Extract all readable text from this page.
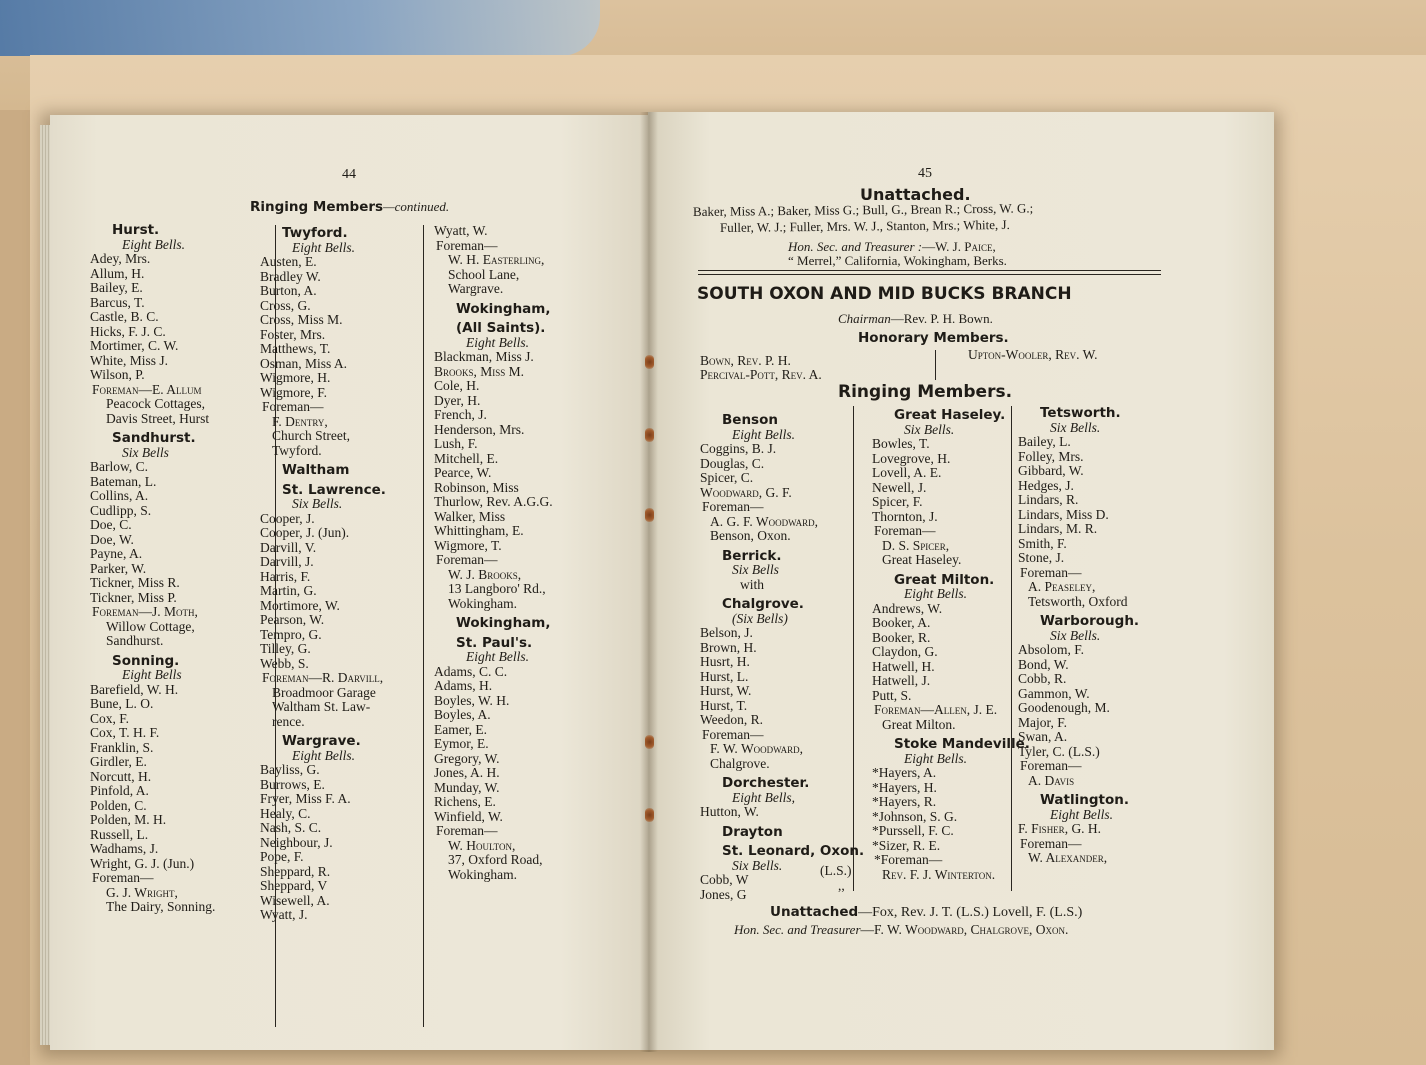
44
Ringing Members—continued.
Hurst.
Eight Bells.
Adey, Mrs.
Allum, H.
Bailey, E.
Barcus, T.
Castle, B. C.
Hicks, F. J. C.
Mortimer, C. W.
White, Miss J.
Wilson, P.
Foreman—E. Allum
Peacock Cottages,
Davis Street, Hurst
Sandhurst.
Six Bells
Barlow, C.
Bateman, L.
Collins, A.
Cudlipp, S.
Doe, C.
Doe, W.
Payne, A.
Parker, W.
Tickner, Miss R.
Tickner, Miss P.
Foreman—J. Moth,
Willow Cottage,
Sandhurst.
Sonning.
Eight Bells
Barefield, W. H.
Bune, L. O.
Cox, F.
Cox, T. H. F.
Franklin, S.
Girdler, E.
Norcutt, H.
Pinfold, A.
Polden, C.
Polden, M. H.
Russell, L.
Wadhams, J.
Wright, G. J. (Jun.)
Foreman—
G. J. Wright,
The Dairy, Sonning.
Twyford.
Eight Bells.
Austen, E.
Bradley W.
Burton, A.
Cross, G.
Cross, Miss M.
Foster, Mrs.
Matthews, T.
Osman, Miss A.
Wigmore, H.
Wigmore, F.
Foreman—
F. Dentry,
Church Street,
Twyford.
Waltham
St. Lawrence.
Six Bells.
Cooper, J.
Cooper, J. (Jun).
Darvill, V.
Darvill, J.
Harris, F.
Martin, G.
Mortimore, W.
Pearson, W.
Tempro, G.
Tilley, G.
Webb, S.
Foreman—R. Darvill,
Broadmoor Garage
Waltham St. Law-
rence.
Wargrave.
Eight Bells.
Bayliss, G.
Burrows, E.
Fryer, Miss F. A.
Healy, C.
Nash, S. C.
Neighbour, J.
Pope, F.
Sheppard, R.
Sheppard, V
Wisewell, A.
Wyatt, J.
Wyatt, W.
Foreman—
W. H. Easterling,
School Lane,
Wargrave.
Wokingham,
(All Saints).
Eight Bells.
Blackman, Miss J.
Brooks, Miss M.
Cole, H.
Dyer, H.
French, J.
Henderson, Mrs.
Lush, F.
Mitchell, E.
Pearce, W.
Robinson, Miss
Thurlow, Rev. A.G.G.
Walker, Miss
Whittingham, E.
Wigmore, T.
Foreman—
W. J. Brooks,
13 Langboro' Rd.,
Wokingham.
Wokingham,
St. Paul's.
Eight Bells.
Adams, C. C.
Adams, H.
Boyles, W. H.
Boyles, A.
Eamer, E.
Eymor, E.
Gregory, W.
Jones, A. H.
Munday, W.
Richens, E.
Winfield, W.
Foreman—
W. Houlton,
37, Oxford Road,
Wokingham.
45
Unattached.
Baker, Miss A.; Baker, Miss G.; Bull, G., Brean R.; Cross, W. G.;
Fuller, W. J.; Fuller, Mrs. W. J., Stanton, Mrs.; White, J.
Hon. Sec. and Treasurer :—W. J. Paice,
“ Merrel,” California, Wokingham, Berks.
SOUTH OXON AND MID BUCKS BRANCH
Chairman—Rev. P. H. Bown.
Honorary Members.
Bown, Rev. P. H.
Percival-Pott, Rev. A.
Upton-Wooler, Rev. W.
Ringing Members.
Benson
Eight Bells.
Coggins, B. J.
Douglas, C.
Spicer, C.
Woodward, G. F.
Foreman—
A. G. F. Woodward,
Benson, Oxon.
Berrick.
Six Bells
with
Chalgrove.
(Six Bells)
Belson, J.
Brown, H.
Husrt, H.
Hurst, L.
Hurst, W.
Hurst, T.
Weedon, R.
Foreman—
F. W. Woodward,
Chalgrove.
Dorchester.
Eight Bells,
Hutton, W.
Drayton
St. Leonard, Oxon.
Six Bells.
Cobb, W
Jones, G
(L.S.)
,,
Great Haseley.
Six Bells.
Bowles, T.
Lovegrove, H.
Lovell, A. E.
Newell, J.
Spicer, F.
Thornton, J.
Foreman—
D. S. Spicer,
Great Haseley.
Great Milton.
Eight Bells.
Andrews, W.
Booker, A.
Booker, R.
Claydon, G.
Hatwell, H.
Hatwell, J.
Putt, S.
Foreman—Allen, J. E.
Great Milton.
Stoke Mandeville.
Eight Bells.
*Hayers, A.
*Hayers, H.
*Hayers, R.
*Johnson, S. G.
*Purssell, F. C.
*Sizer, R. E.
*Foreman—
Rev. F. J. Winterton.
Tetsworth.
Six Bells.
Bailey, L.
Folley, Mrs.
Gibbard, W.
Hedges, J.
Lindars, R.
Lindars, Miss D.
Lindars, M. R.
Smith, F.
Stone, J.
Foreman—
A. Peaseley,
Tetsworth, Oxford
Warborough.
Six Bells.
Absolom, F.
Bond, W.
Cobb, R.
Gammon, W.
Goodenough, M.
Major, F.
Swan, A.
Tyler, C. (L.S.)
Foreman—
A. Davis
Watlington.
Eight Bells.
F. Fisher, G. H.
Foreman—
W. Alexander,
Unattached—Fox, Rev. J. T. (L.S.) Lovell, F. (L.S.)
Hon. Sec. and Treasurer—F. W. Woodward, Chalgrove, Oxon.
